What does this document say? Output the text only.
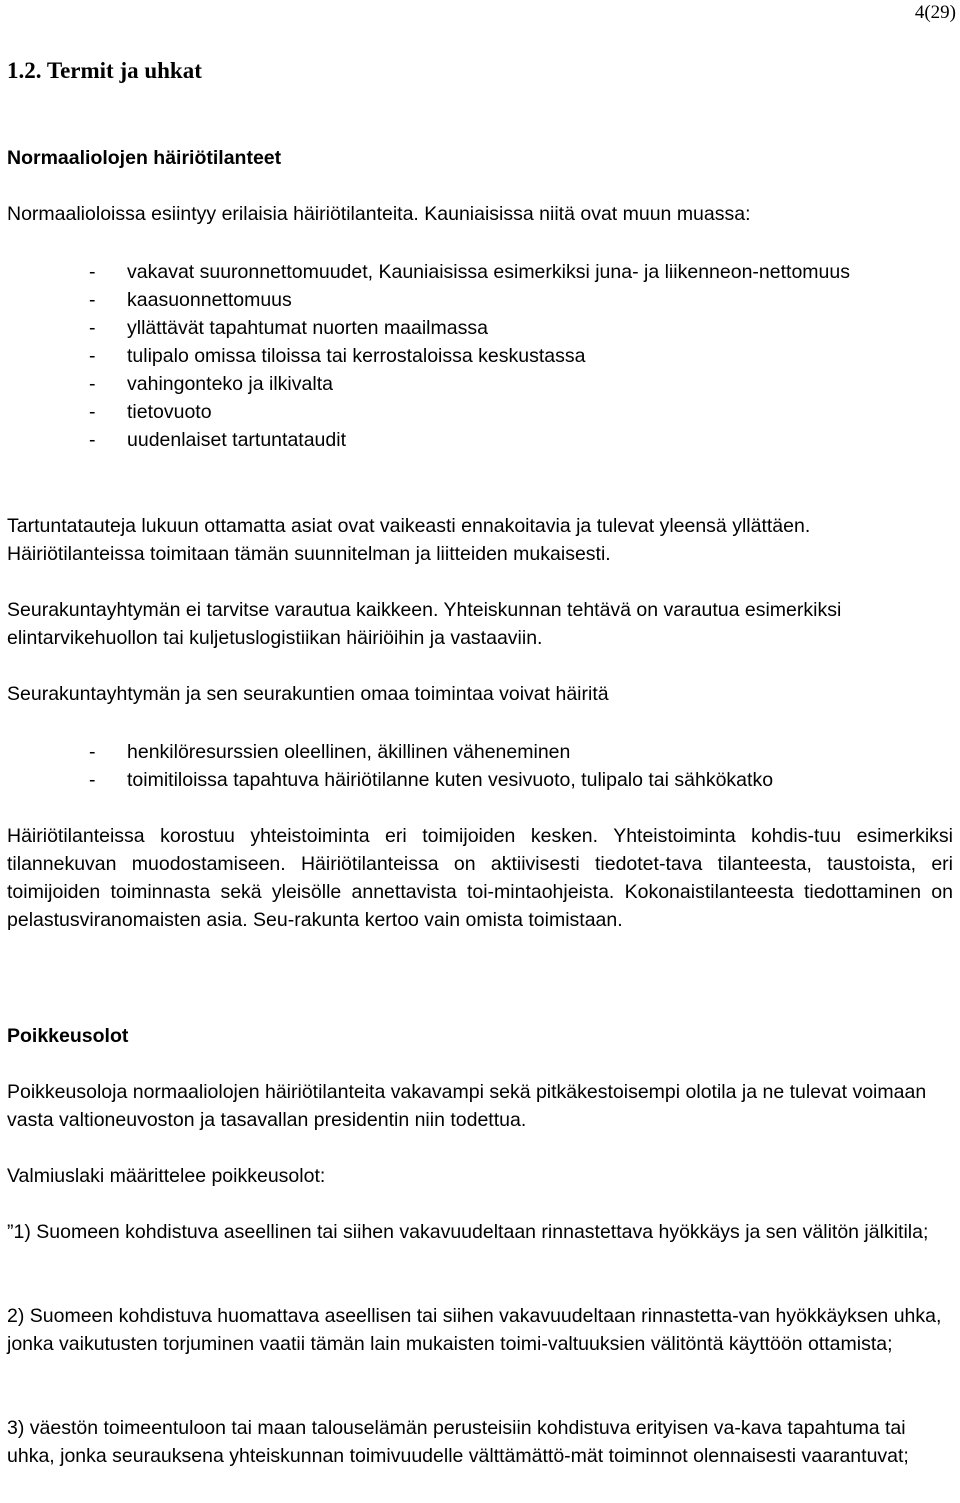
4(29)
1.2. Termit ja uhkat

Normaaliolojen häiriötilanteet

Normaalioloissa esiintyy erilaisia häiriötilanteita. Kauniaisissa niitä ovat muun muassa:

- vakavat suuronnettomuudet, Kauniaisissa esimerkiksi juna- ja liikenneon-nettomuus
- kaasuonnettomuus
- yllättävät tapahtumat nuorten maailmassa
- tulipalo omissa tiloissa tai kerrostaloissa keskustassa
- vahingonteko ja ilkivalta
- tietovuoto
- uudenlaiset tartuntataudit

Tartuntatauteja lukuun ottamatta asiat ovat vaikeasti ennakoitavia ja tulevat yleensä yllättäen. Häiriötilanteissa toimitaan tämän suunnitelman ja liitteiden mukaisesti.

Seurakuntayhtymän ei tarvitse varautua kaikkeen. Yhteiskunnan tehtävä on varautua esimerkiksi elintarvikehuollon tai kuljetuslogistiikan häiriöihin ja vastaaviin.

Seurakuntayhtymän ja sen seurakuntien omaa toimintaa voivat häiritä

- henkilöresurssien oleellinen, äkillinen väheneminen
- toimitiloissa tapahtuva häiriötilanne kuten vesivuoto, tulipalo tai sähkökatko

Häiriötilanteissa korostuu yhteistoiminta eri toimijoiden kesken. Yhteistoiminta kohdis-tuu esimerkiksi tilannekuvan muodostamiseen. Häiriötilanteissa on aktiivisesti tiedotet-tava tilanteesta, taustoista, eri toimijoiden toiminnasta sekä yleisölle annettavista toi-mintaohjeista. Kokonaistilanteesta tiedottaminen on pelastusviranomaisten asia. Seu-rakunta kertoo vain omista toimistaan.

Poikkeusolot

Poikkeusoloja normaaliolojen häiriötilanteita vakavampi sekä pitkäkestoisempi olotila ja ne tulevat voimaan vasta valtioneuvoston ja tasavallan presidentin niin todettua.

Valmiuslaki määrittelee poikkeusolot:

”1) Suomeen kohdistuva aseellinen tai siihen vakavuudeltaan rinnastettava hyökkäys ja sen välitön jälkitila;

2) Suomeen kohdistuva huomattava aseellisen tai siihen vakavuudeltaan rinnastetta-van hyökkäyksen uhka, jonka vaikutusten torjuminen vaatii tämän lain mukaisten toimi-valtuuksien välitöntä käyttöön ottamista;

3) väestön toimeentuloon tai maan talouselämän perusteisiin kohdistuva erityisen va-kava tapahtuma tai uhka, jonka seurauksena yhteiskunnan toimivuudelle välttämättö-mät toiminnot olennaisesti vaarantuvat;
